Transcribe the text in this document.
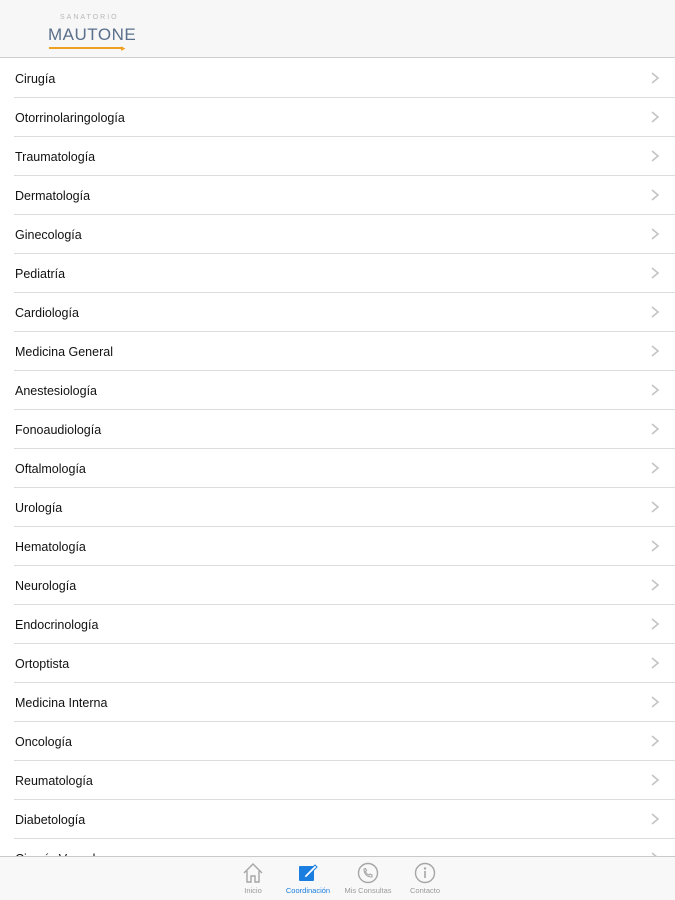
SANATORIO
MAUTONE
▸
Cirugía
Otorrinolaringología
Traumatología
Dermatología
Ginecología
Pediatría
Cardiología
Medicina General
Anestesiología
Fonoaudiología
Oftalmología
Urología
Hematología
Neurología
Endocrinología
Ortoptista
Medicina Interna
Oncología
Reumatología
Diabetología
Inicio	Coordinación	Mis Consultas	Contacto
